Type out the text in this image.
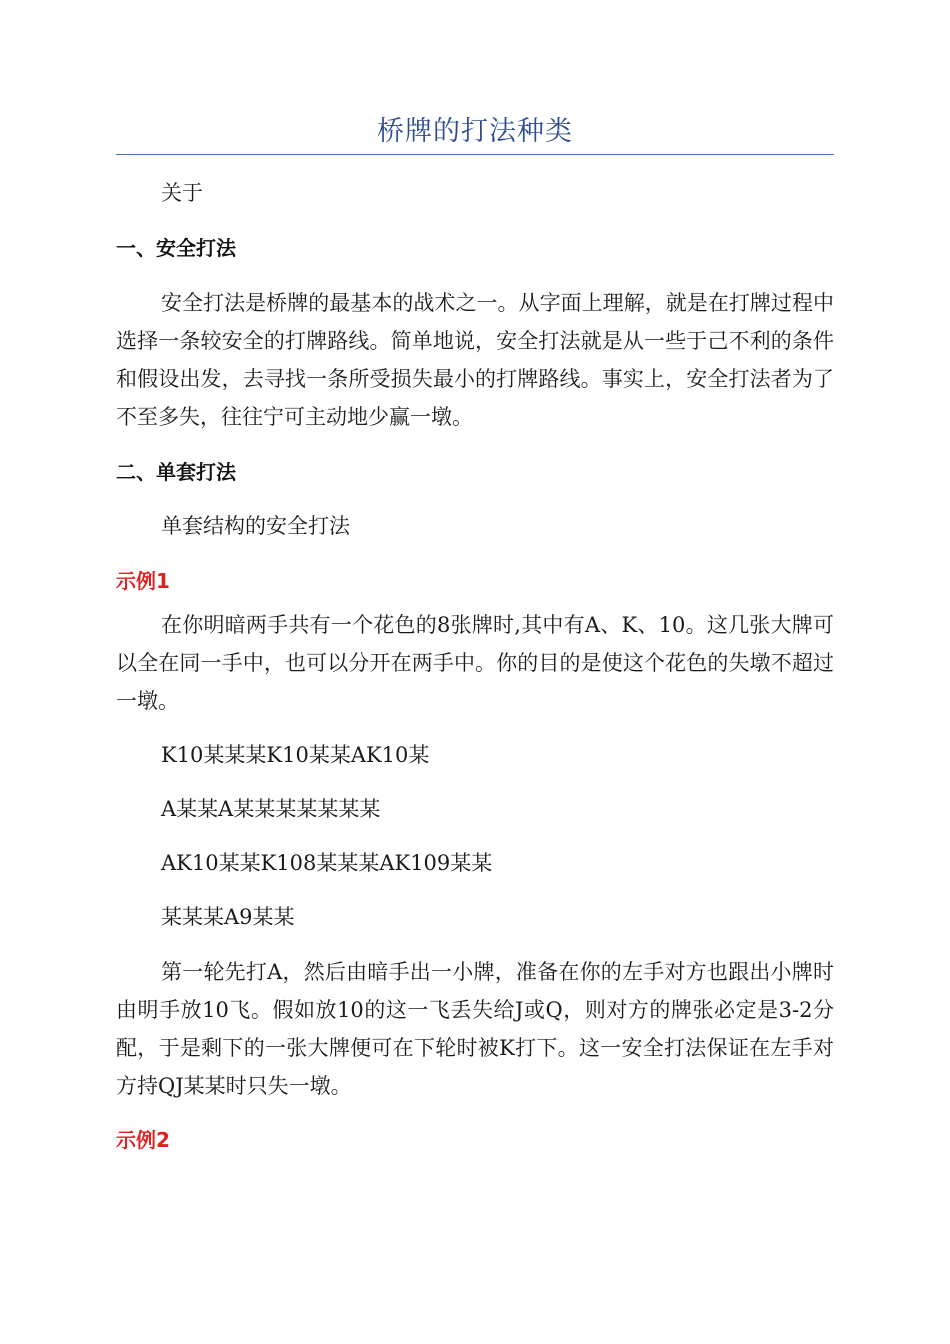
桥牌的打法种类

关于

一、安全打法

安全打法是桥牌的最基本的战术之一。从字面上理解，就是在打牌过程中选择一条较安全的打牌路线。简单地说，安全打法就是从一些于己不利的条件和假设出发，去寻找一条所受损失最小的打牌路线。事实上，安全打法者为了不至多失，往往宁可主动地少赢一墩。

二、单套打法

单套结构的安全打法

示例1

在你明暗两手共有一个花色的8张牌时,其中有A、K、10。这几张大牌可以全在同一手中，也可以分开在两手中。你的目的是使这个花色的失墩不超过一墩。

K10某某某K10某某AK10某

A某某A某某某某某某某

AK10某某K108某某某AK109某某

某某某A9某某

第一轮先打A，然后由暗手出一小牌，准备在你的左手对方也跟出小牌时由明手放10飞。假如放10的这一飞丢失给J或Q，则对方的牌张必定是3-2分配，于是剩下的一张大牌便可在下轮时被K打下。这一安全打法保证在左手对方持QJ某某时只失一墩。

示例2
